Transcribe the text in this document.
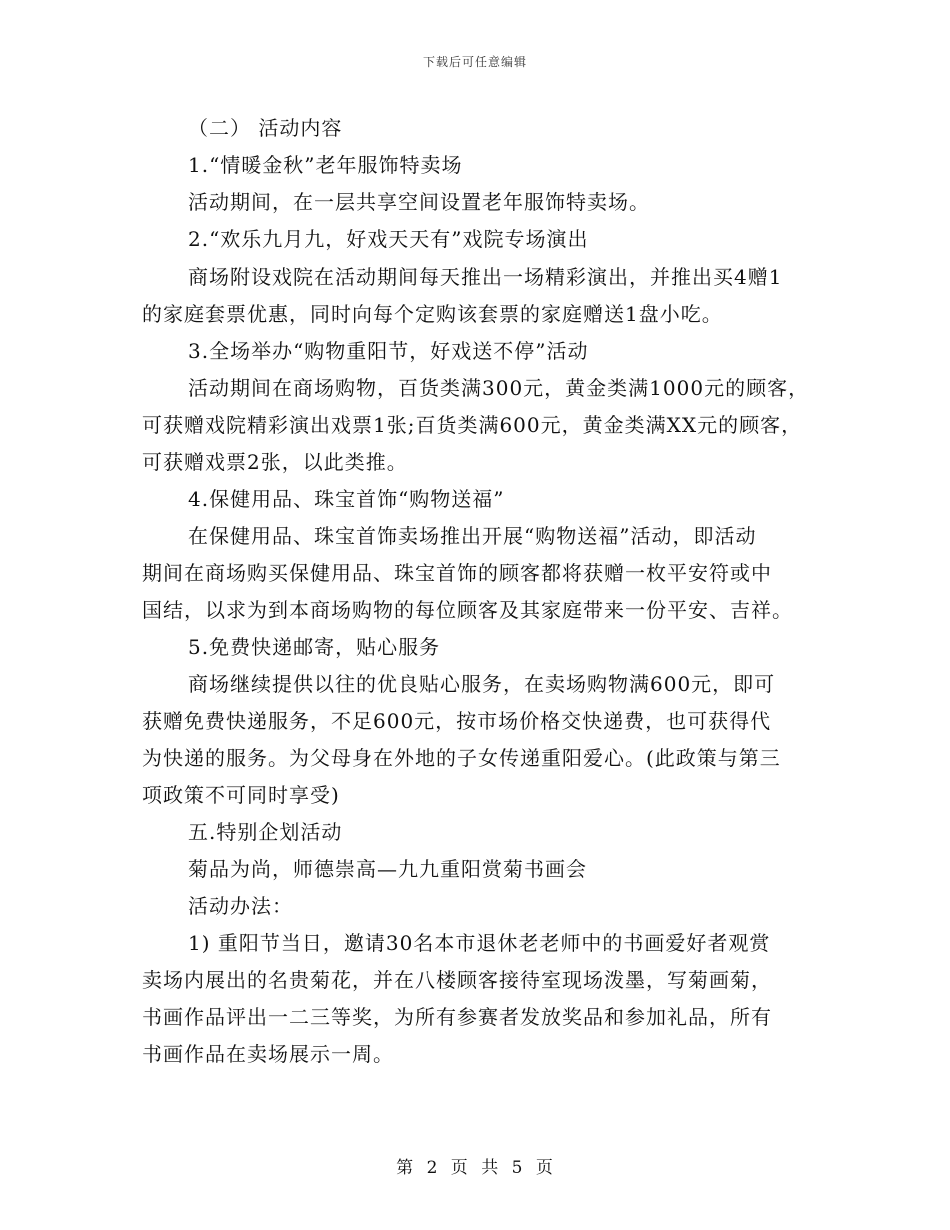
下载后可任意编辑
（二） 活动内容
1.“情暖金秋”老年服饰特卖场
活动期间，在一层共享空间设置老年服饰特卖场。
2.“欢乐九月九，好戏天天有”戏院专场演出
商场附设戏院在活动期间每天推出一场精彩演出，并推出买4赠1
的家庭套票优惠，同时向每个定购该套票的家庭赠送1盘小吃。
3.全场举办“购物重阳节，好戏送不停”活动
活动期间在商场购物，百货类满300元，黄金类满1000元的顾客，
可获赠戏院精彩演出戏票1张;百货类满600元，黄金类满XX元的顾客，
可获赠戏票2张，以此类推。
4.保健用品、珠宝首饰“购物送福”
在保健用品、珠宝首饰卖场推出开展“购物送福”活动，即活动
期间在商场购买保健用品、珠宝首饰的顾客都将获赠一枚平安符或中
国结，以求为到本商场购物的每位顾客及其家庭带来一份平安、吉祥。
5.免费快递邮寄，贴心服务
商场继续提供以往的优良贴心服务，在卖场购物满600元，即可
获赠免费快递服务，不足600元，按市场价格交快递费，也可获得代
为快递的服务。为父母身在外地的子女传递重阳爱心。(此政策与第三
项政策不可同时享受)
五.特别企划活动
菊品为尚，师德崇高—九九重阳赏菊书画会
活动办法：
1) 重阳节当日，邀请30名本市退休老老师中的书画爱好者观赏
卖场内展出的名贵菊花，并在八楼顾客接待室现场泼墨，写菊画菊，
书画作品评出一二三等奖，为所有参赛者发放奖品和参加礼品，所有
书画作品在卖场展示一周。
第 2 页 共 5 页
